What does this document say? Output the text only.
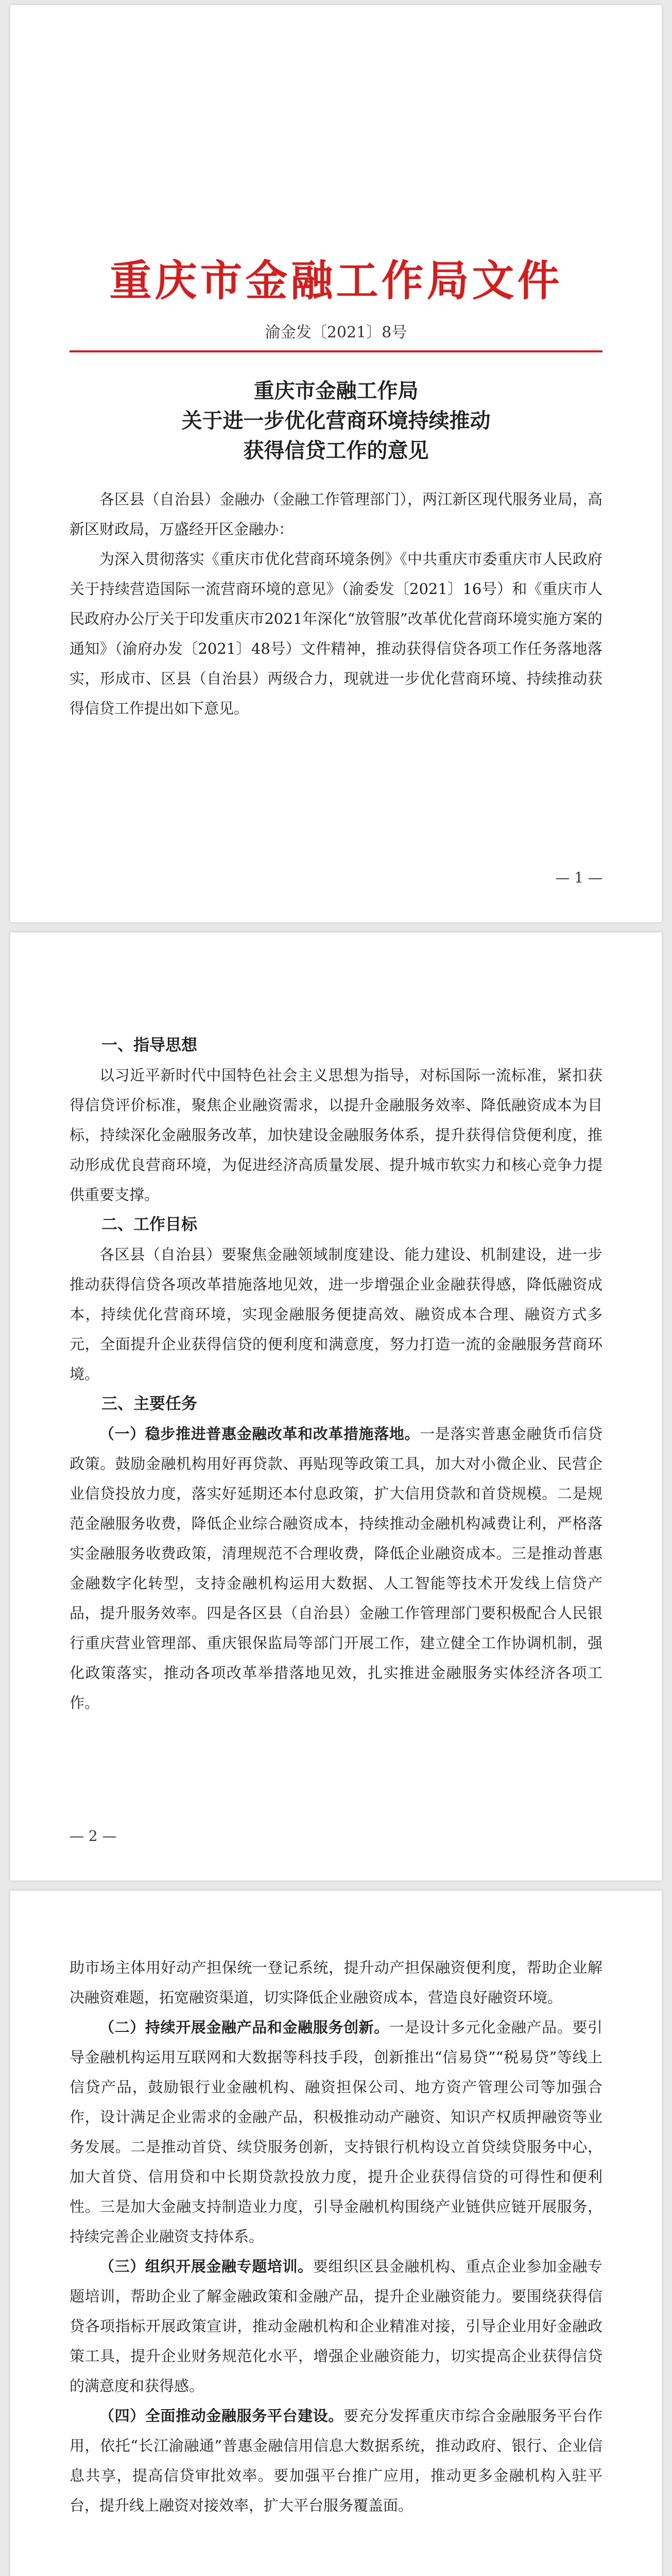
重庆市金融工作局文件
渝金发〔2021〕8号
重庆市金融工作局
关于进一步优化营商环境持续推动
获得信贷工作的意见

各区县（自治县）金融办（金融工作管理部门），两江新区现代服务业局，高新区财政局，万盛经开区金融办：

为深入贯彻落实《重庆市优化营商环境条例》《中共重庆市委重庆市人民政府关于持续营造国际一流营商环境的意见》（渝委发〔2021〕16号）和《重庆市人民政府办公厅关于印发重庆市2021年深化“放管服”改革优化营商环境实施方案的通知》（渝府办发〔2021〕48号）文件精神，推动获得信贷各项工作任务落地落实，形成市、区县（自治县）两级合力，现就进一步优化营商环境、持续推动获得信贷工作提出如下意见。

— 1 —

一、指导思想

以习近平新时代中国特色社会主义思想为指导，对标国际一流标准，紧扣获得信贷评价标准，聚焦企业融资需求，以提升金融服务效率、降低融资成本为目标，持续深化金融服务改革，加快建设金融服务体系，提升获得信贷便利度，推动形成优良营商环境，为促进经济高质量发展、提升城市软实力和核心竞争力提供重要支撑。

二、工作目标

各区县（自治县）要聚焦金融领域制度建设、能力建设、机制建设，进一步推动获得信贷各项改革措施落地见效，进一步增强企业金融获得感，降低融资成本，持续优化营商环境，实现金融服务便捷高效、融资成本合理、融资方式多元，全面提升企业获得信贷的便利度和满意度，努力打造一流的金融服务营商环境。

三、主要任务

（一）稳步推进普惠金融改革和改革措施落地。一是落实普惠金融货币信贷政策。鼓励金融机构用好再贷款、再贴现等政策工具，加大对小微企业、民营企业信贷投放力度，落实好延期还本付息政策，扩大信用贷款和首贷规模。二是规范金融服务收费，降低企业综合融资成本，持续推动金融机构减费让利，严格落实金融服务收费政策，清理规范不合理收费，降低企业融资成本。三是推动普惠金融数字化转型，支持金融机构运用大数据、人工智能等技术开发线上信贷产品，提升服务效率。四是各区县（自治县）金融工作管理部门要积极配合人民银行重庆营业管理部、重庆银保监局等部门开展工作，建立健全工作协调机制，强化政策落实，推动各项改革举措落地见效，扎实推进金融服务实体经济各项工作。

— 2 —

助市场主体用好动产担保统一登记系统，提升动产担保融资便利度，帮助企业解决融资难题，拓宽融资渠道，切实降低企业融资成本，营造良好融资环境。

（二）持续开展金融产品和金融服务创新。一是设计多元化金融产品。要引导金融机构运用互联网和大数据等科技手段，创新推出“信易贷”“税易贷”等线上信贷产品，鼓励银行业金融机构、融资担保公司、地方资产管理公司等加强合作，设计满足企业需求的金融产品，积极推动动产融资、知识产权质押融资等业务发展。二是推动首贷、续贷服务创新，支持银行机构设立首贷续贷服务中心，加大首贷、信用贷和中长期贷款投放力度，提升企业获得信贷的可得性和便利性。三是加大金融支持制造业力度，引导金融机构围绕产业链供应链开展服务，持续完善企业融资支持体系。

（三）组织开展金融专题培训。要组织区县金融机构、重点企业参加金融专题培训，帮助企业了解金融政策和金融产品，提升企业融资能力。要围绕获得信贷各项指标开展政策宣讲，推动金融机构和企业精准对接，引导企业用好金融政策工具，提升企业财务规范化水平，增强企业融资能力，切实提高企业获得信贷的满意度和获得感。

（四）全面推动金融服务平台建设。要充分发挥重庆市综合金融服务平台作用，依托“长江渝融通”普惠金融信用信息大数据系统，推动政府、银行、企业信息共享，提高信贷审批效率。要加强平台推广应用，推动更多金融机构入驻平台，提升线上融资对接效率，扩大平台服务覆盖面。
